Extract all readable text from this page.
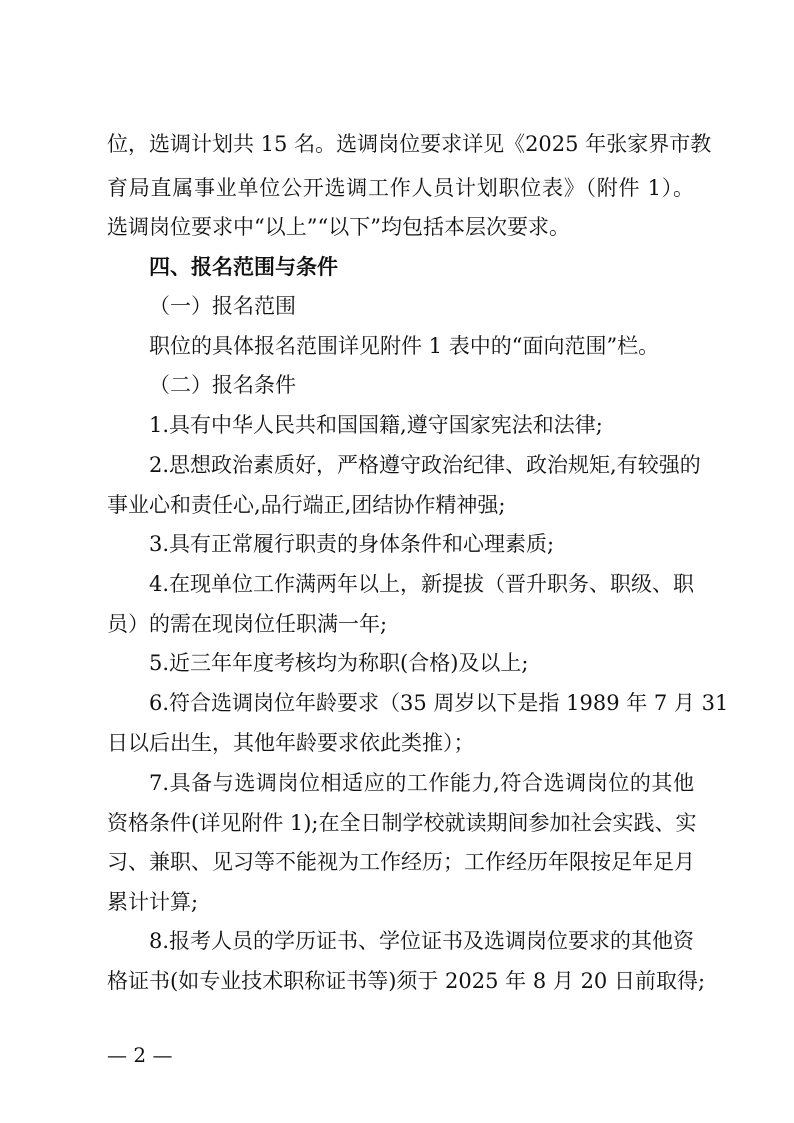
位，选调计划共 15 名。选调岗位要求详见《2025 年张家界市教
育局直属事业单位公开选调工作人员计划职位表》（附件 1）。
选调岗位要求中“以上”“以下”均包括本层次要求。
四、报名范围与条件
（一）报名范围
职位的具体报名范围详见附件 1 表中的“面向范围”栏。
（二）报名条件
1.具有中华人民共和国国籍,遵守国家宪法和法律;
2.思想政治素质好，严格遵守政治纪律、政治规矩,有较强的
事业心和责任心,品行端正,团结协作精神强;
3.具有正常履行职责的身体条件和心理素质;
4.在现单位工作满两年以上，新提拔（晋升职务、职级、职
员）的需在现岗位任职满一年;
5.近三年年度考核均为称职(合格)及以上;
6.符合选调岗位年龄要求（35 周岁以下是指 1989 年 7 月 31
日以后出生，其他年龄要求依此类推）；
7.具备与选调岗位相适应的工作能力,符合选调岗位的其他
资格条件(详见附件 1);在全日制学校就读期间参加社会实践、实
习、兼职、见习等不能视为工作经历；工作经历年限按足年足月
累计计算;
8.报考人员的学历证书、学位证书及选调岗位要求的其他资
格证书(如专业技术职称证书等)须于 2025 年 8 月 20 日前取得;
— 2 —
